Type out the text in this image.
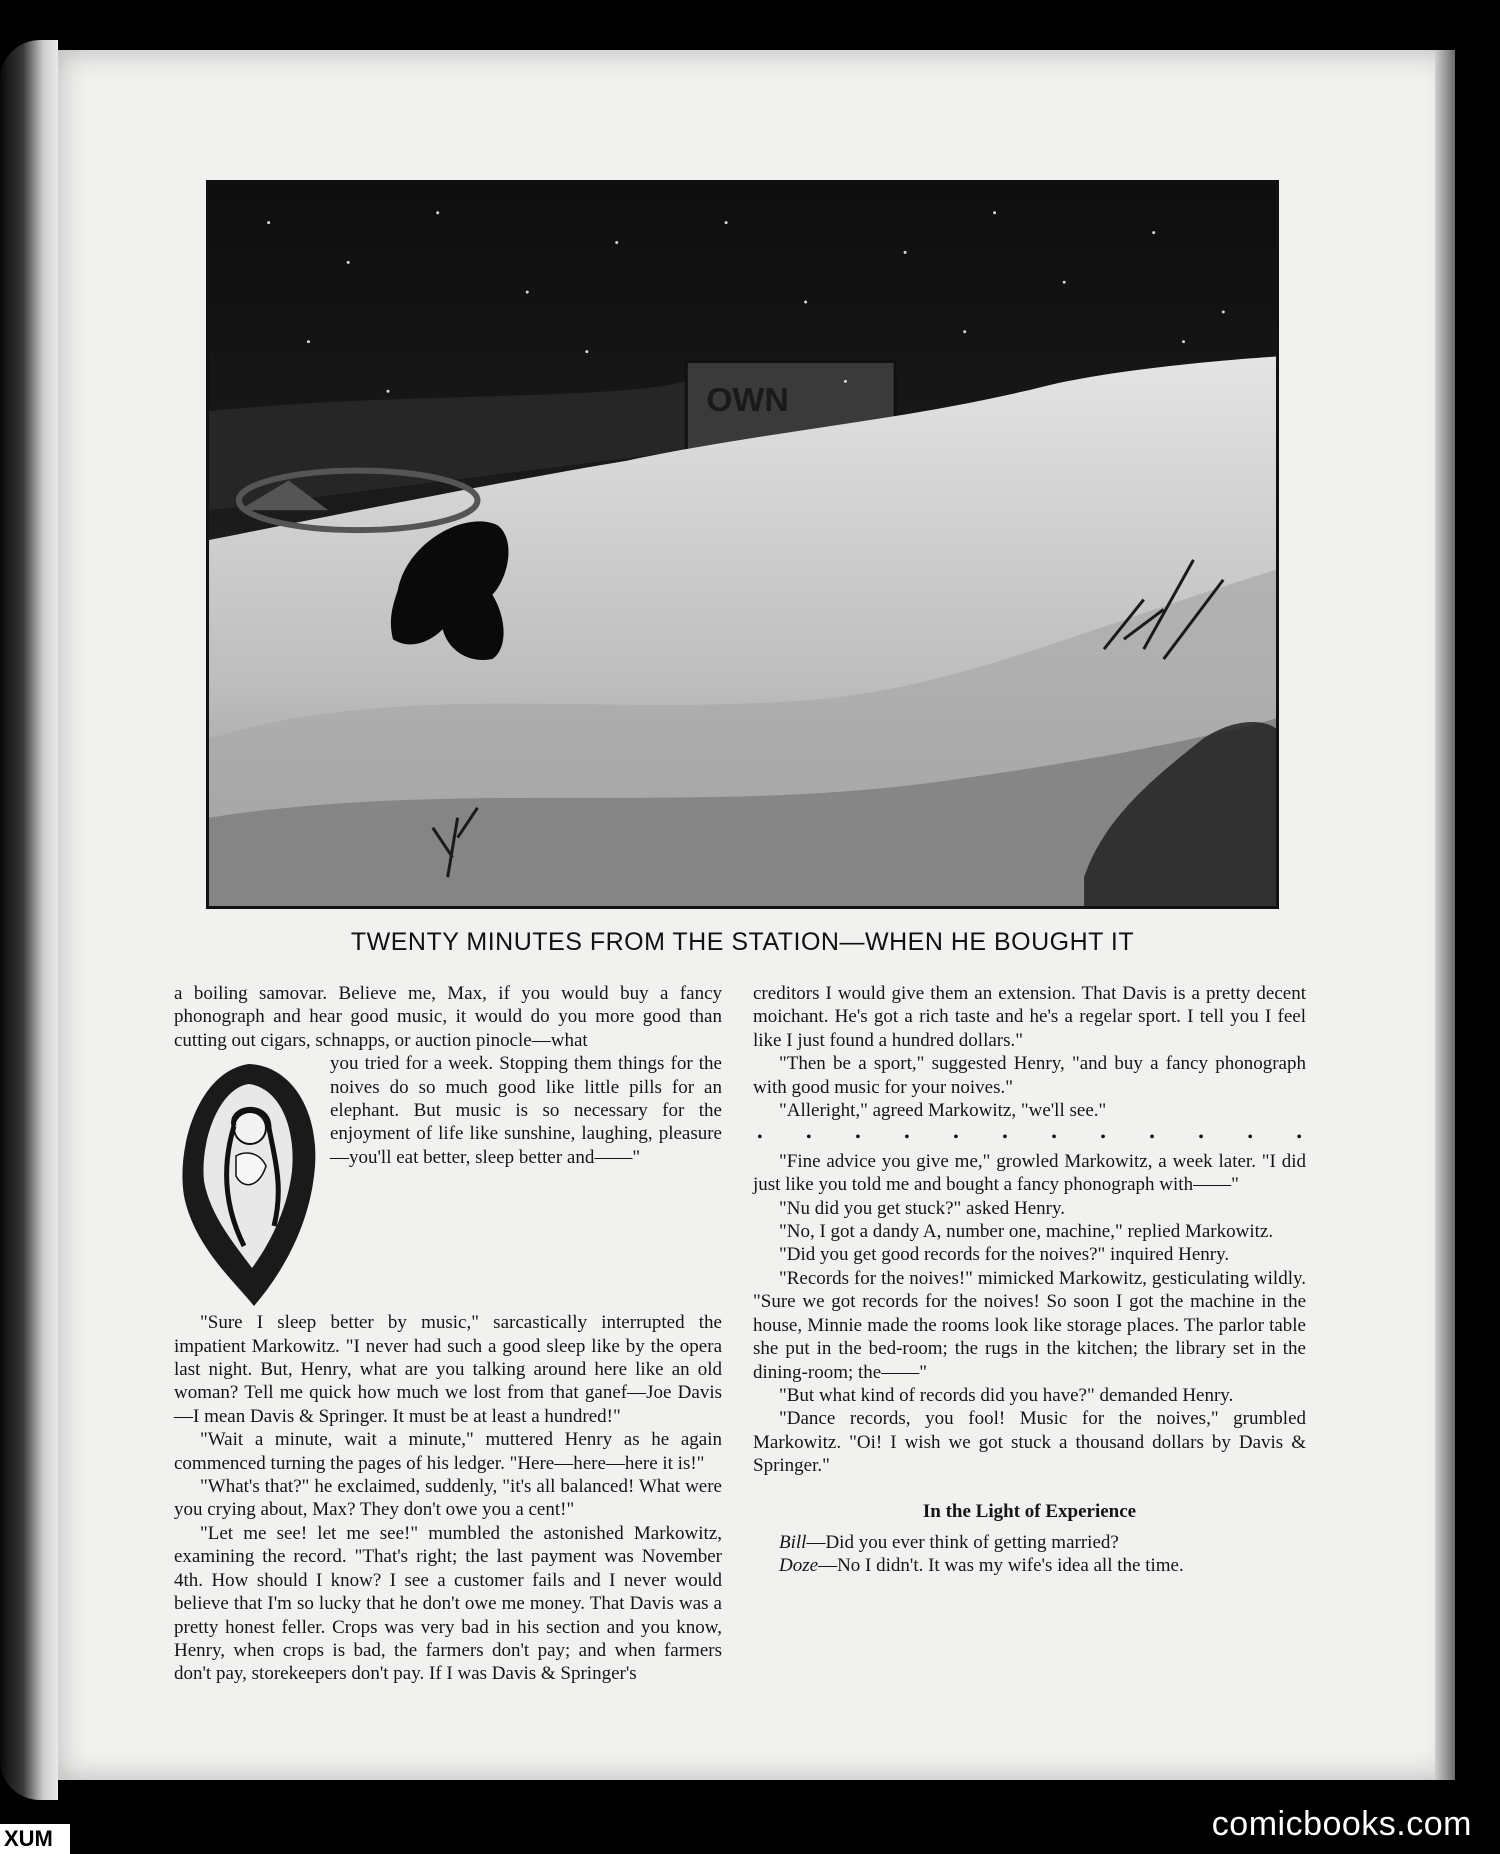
OWN
TWENTY MINUTES FROM THE STATION—WHEN HE BOUGHT IT

a boiling samovar. Believe me, Max, if you would buy a fancy phonograph and hear good music, it would do you more good than cutting out cigars, schnapps, or auction pinocle—what

you tried for a week. Stopping them things for the noives do so much good like little pills for an elephant. But music is so necessary for the enjoyment of life like sunshine, laughing, pleasure—you'll eat better, sleep better and——"

"Sure I sleep better by music," sarcastically interrupted the impatient Markowitz. "I never had such a good sleep like by the opera last night. But, Henry, what are you talking around here like an old woman? Tell me quick how much we lost from that ganef—Joe Davis—I mean Davis & Springer. It must be at least a hundred!"

"Wait a minute, wait a minute," muttered Henry as he again commenced turning the pages of his ledger. "Here—here—here it is!"

"What's that?" he exclaimed, suddenly, "it's all balanced! What were you crying about, Max? They don't owe you a cent!"

"Let me see! let me see!" mumbled the astonished Markowitz, examining the record. "That's right; the last payment was November 4th. How should I know? I see a customer fails and I never would believe that I'm so lucky that he don't owe me money. That Davis was a pretty honest feller. Crops was very bad in his section and you know, Henry, when crops is bad, the farmers don't pay; and when farmers don't pay, storekeepers don't pay. If I was Davis & Springer's

creditors I would give them an extension. That Davis is a pretty decent moichant. He's got a rich taste and he's a regelar sport. I tell you I feel like I just found a hundred dollars."

"Then be a sport," suggested Henry, "and buy a fancy phonograph with good music for your noives."

"Alleright," agreed Markowitz, "we'll see."

•	•	•	•	•	•	•	•	•	•	•	•

"Fine advice you give me," growled Markowitz, a week later. "I did just like you told me and bought a fancy phonograph with——"

"Nu did you get stuck?" asked Henry.

"No, I got a dandy A, number one, machine," replied Markowitz.

"Did you get good records for the noives?" inquired Henry.

"Records for the noives!" mimicked Markowitz, gesticulating wildly. "Sure we got records for the noives! So soon I got the machine in the house, Minnie made the rooms look like storage places. The parlor table she put in the bed-room; the rugs in the kitchen; the library set in the dining-room; the——"

"But what kind of records did you have?" demanded Henry.

"Dance records, you fool! Music for the noives," grumbled Markowitz. "Oi! I wish we got stuck a thousand dollars by Davis & Springer."

In the Light of Experience

Bill—Did you ever think of getting married?

Doze—No I didn't. It was my wife's idea all the time.

comicbooks.com
XUM
